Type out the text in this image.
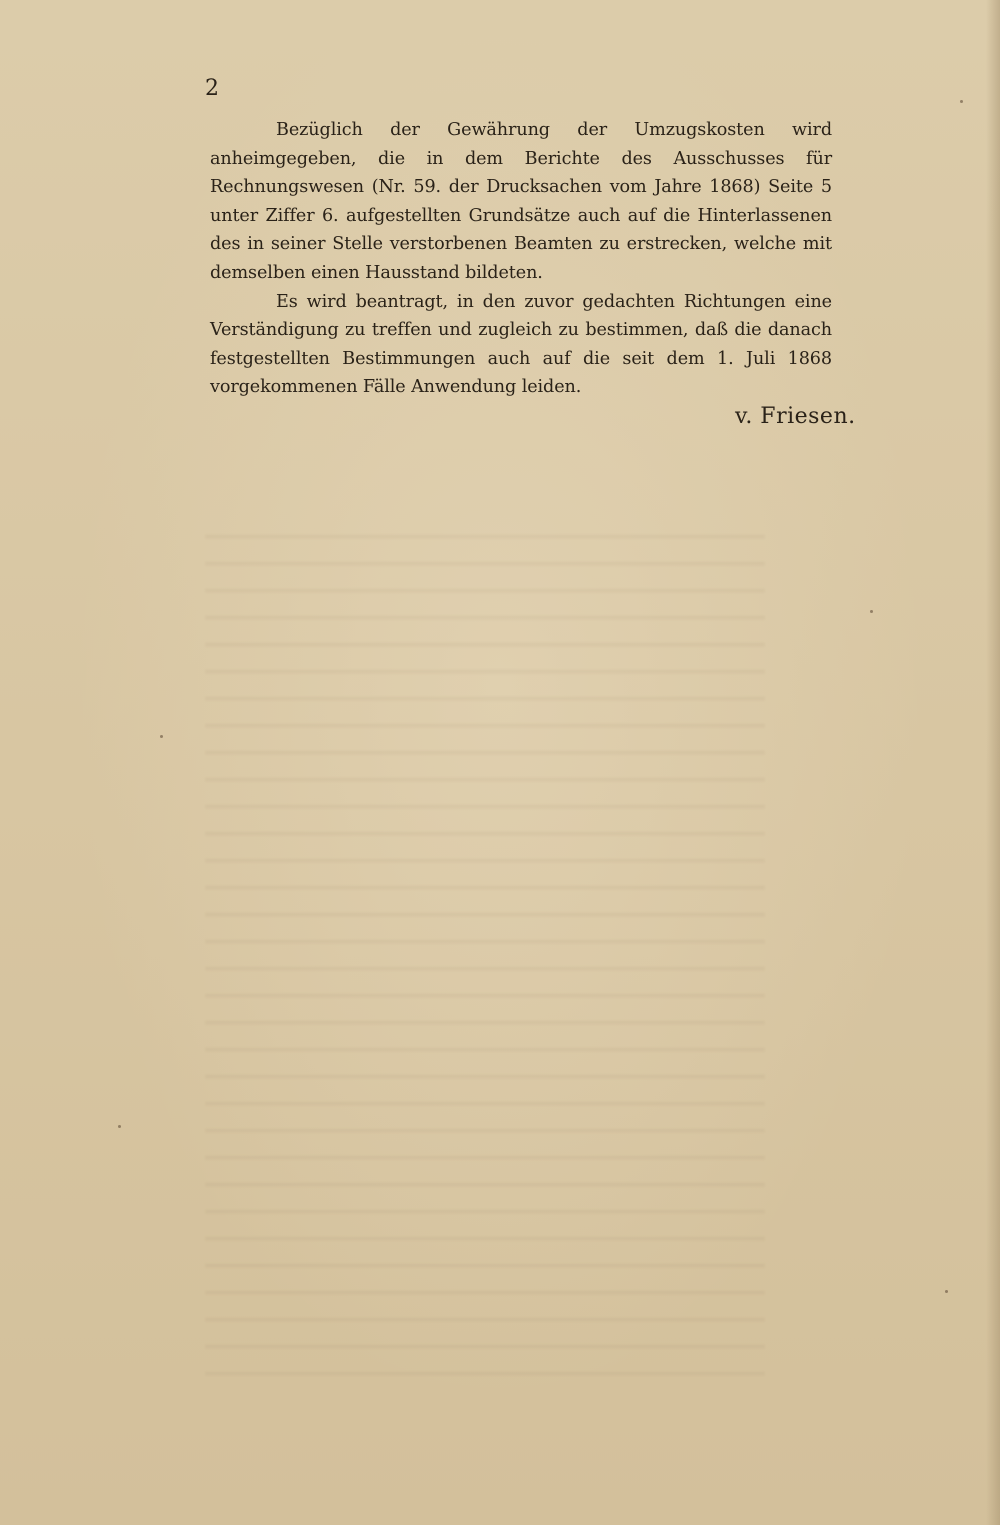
2

Bezüglich der Gewährung der Umzugskosten wird anheimgegeben, die in dem Berichte des Ausschusses für Rechnungswesen (Nr. 59. der Drucksachen vom Jahre 1868) Seite 5 unter Ziffer 6. aufgestellten Grundsätze auch auf die Hinterlassenen des in seiner Stelle verstorbenen Beamten zu erstrecken, welche mit demselben einen Hausstand bildeten.

Es wird beantragt, in den zuvor gedachten Richtungen eine Verständigung zu treffen und zugleich zu bestimmen, daß die danach festgestellten Bestimmungen auch auf die seit dem 1. Juli 1868 vorgekommenen Fälle Anwendung leiden.

v. Friesen.
